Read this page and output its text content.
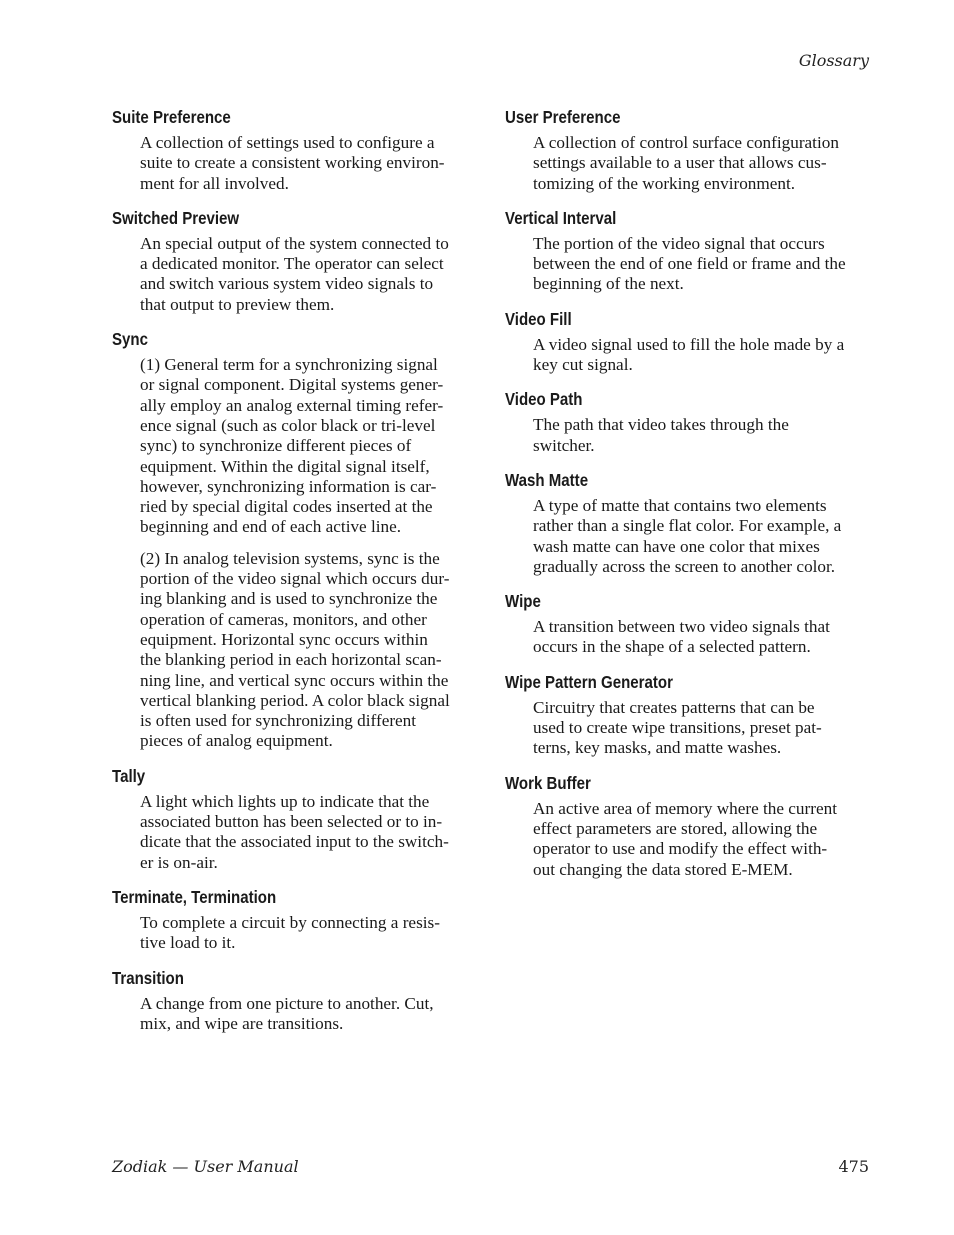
Glossary
Suite Preference

A collection of settings used to configure a
suite to create a consistent working environ-
ment for all involved.

Switched Preview

An special output of the system connected to
a dedicated monitor. The operator can select
and switch various system video signals to
that output to preview them.

Sync

(1) General term for a synchronizing signal
or signal component. Digital systems gener-
ally employ an analog external timing refer-
ence signal (such as color black or tri-level
sync) to synchronize different pieces of
equipment. Within the digital signal itself,
however, synchronizing information is car-
ried by special digital codes inserted at the
beginning and end of each active line.

(2) In analog television systems, sync is the
portion of the video signal which occurs dur-
ing blanking and is used to synchronize the
operation of cameras, monitors, and other
equipment. Horizontal sync occurs within
the blanking period in each horizontal scan-
ning line, and vertical sync occurs within the
vertical blanking period. A color black signal
is often used for synchronizing different
pieces of analog equipment.

Tally

A light which lights up to indicate that the
associated button has been selected or to in-
dicate that the associated input to the switch-
er is on-air.

Terminate, Termination

To complete a circuit by connecting a resis-
tive load to it.

Transition

A change from one picture to another. Cut,
mix, and wipe are transitions.

User Preference

A collection of control surface configuration
settings available to a user that allows cus-
tomizing of the working environment.

Vertical Interval

The portion of the video signal that occurs
between the end of one field or frame and the
beginning of the next.

Video Fill

A video signal used to fill the hole made by a
key cut signal.

Video Path

The path that video takes through the
switcher.

Wash Matte

A type of matte that contains two elements
rather than a single flat color. For example, a
wash matte can have one color that mixes
gradually across the screen to another color.

Wipe

A transition between two video signals that
occurs in the shape of a selected pattern.

Wipe Pattern Generator

Circuitry that creates patterns that can be
used to create wipe transitions, preset pat-
terns, key masks, and matte washes.

Work Buffer

An active area of memory where the current
effect parameters are stored, allowing the
operator to use and modify the effect with-
out changing the data stored E-MEM.

Zodiak — User Manual	475
